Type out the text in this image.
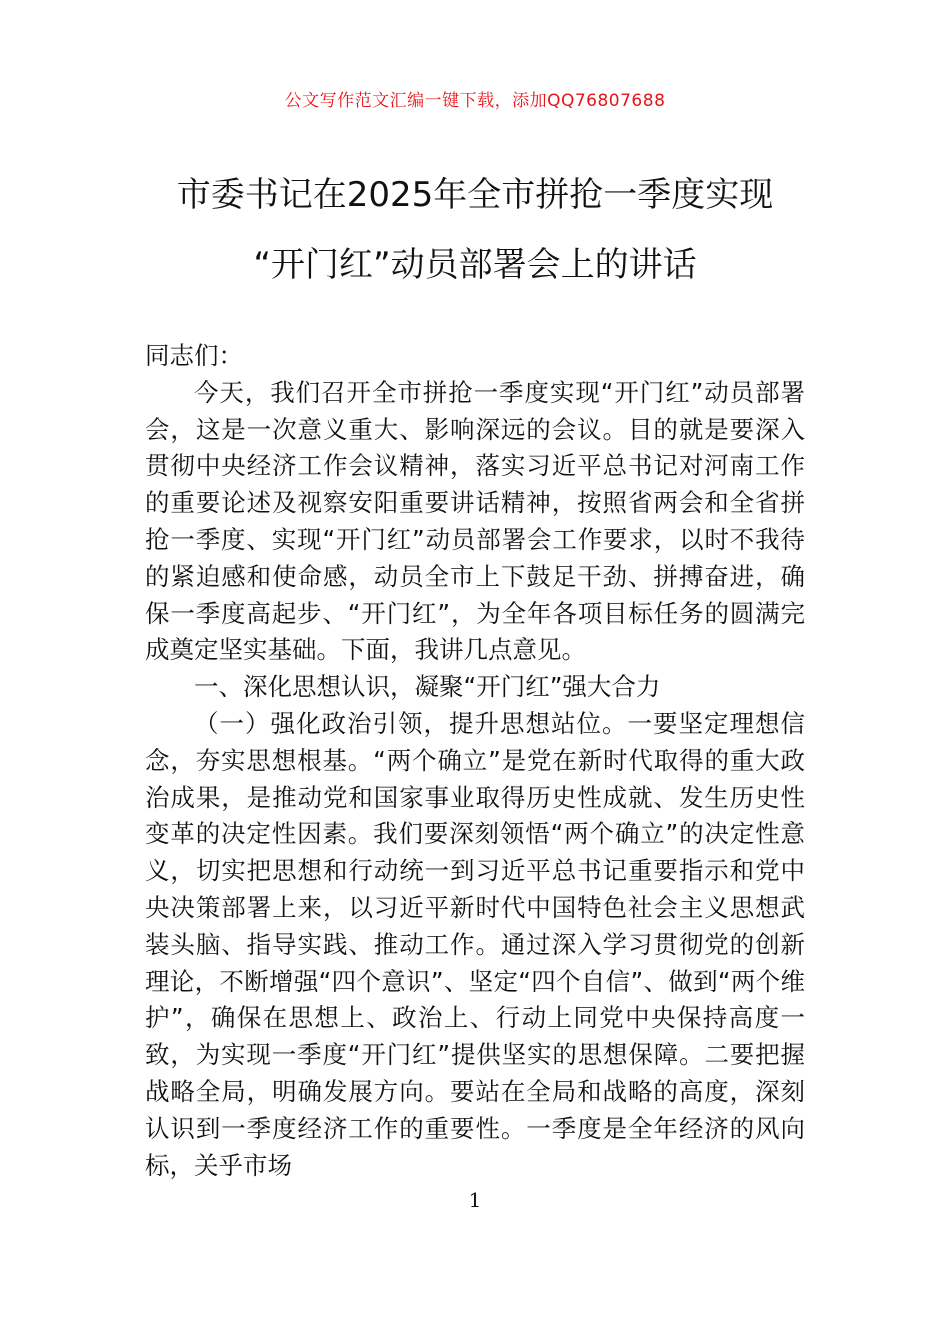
公文写作范文汇编一键下载，添加QQ76807688
市委书记在2025年全市拼抢一季度实现
“开门红”动员部署会上的讲话

同志们：

今天，我们召开全市拼抢一季度实现“开门红”动员部署会，这是一次意义重大、影响深远的会议。目的就是要深入贯彻中央经济工作会议精神，落实习近平总书记对河南工作的重要论述及视察安阳重要讲话精神，按照省两会和全省拼抢一季度、实现“开门红”动员部署会工作要求，以时不我待的紧迫感和使命感，动员全市上下鼓足干劲、拼搏奋进，确保一季度高起步、“开门红”，为全年各项目标任务的圆满完成奠定坚实基础。下面，我讲几点意见。

一、深化思想认识，凝聚“开门红”强大合力

（一）强化政治引领，提升思想站位。一要坚定理想信念，夯实思想根基。“两个确立”是党在新时代取得的重大政治成果，是推动党和国家事业取得历史性成就、发生历史性变革的决定性因素。我们要深刻领悟“两个确立”的决定性意义，切实把思想和行动统一到习近平总书记重要指示和党中央决策部署上来，以习近平新时代中国特色社会主义思想武装头脑、指导实践、推动工作。通过深入学习贯彻党的创新理论，不断增强“四个意识”、坚定“四个自信”、做到“两个维护”，确保在思想上、政治上、行动上同党中央保持高度一致，为实现一季度“开门红”提供坚实的思想保障。二要把握战略全局，明确发展方向。要站在全局和战略的高度，深刻认识到一季度经济工作的重要性。一季度是全年经济的风向标，关乎市场

1
